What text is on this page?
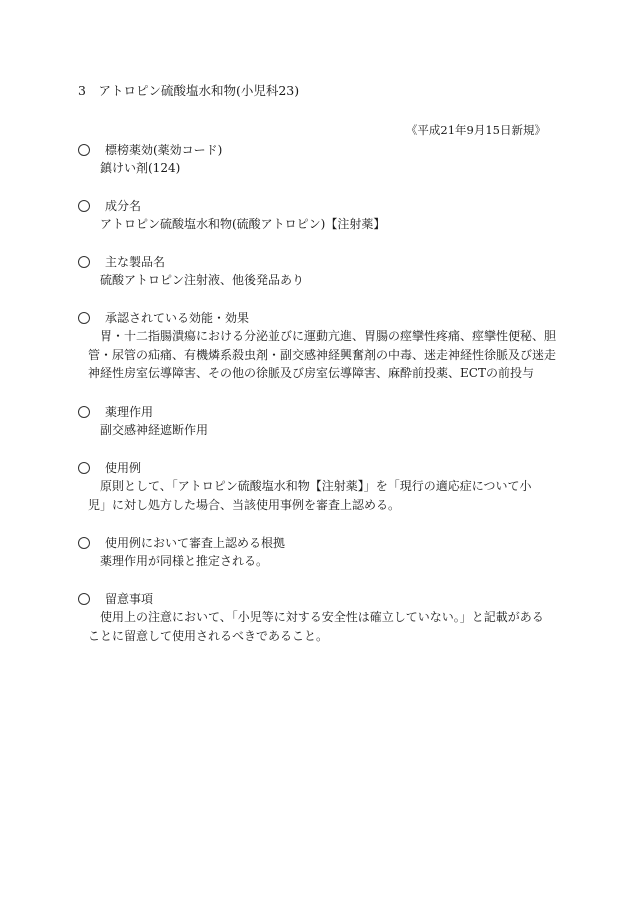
3　アトロピン硫酸塩水和物(小児科23)
《平成21年9月15日新規》
標榜薬効(薬効コード)
鎮けい剤(124)
成分名
アトロピン硫酸塩水和物(硫酸アトロピン)【注射薬】
主な製品名
硫酸アトロピン注射液、他後発品あり
承認されている効能・効果
胃・十二指腸潰瘍における分泌並びに運動亢進、胃腸の痙攣性疼痛、痙攣性便秘、胆
管・尿管の疝痛、有機燐系殺虫剤・副交感神経興奮剤の中毒、迷走神経性徐脈及び迷走
神経性房室伝導障害、その他の徐脈及び房室伝導障害、麻酔前投薬、ECTの前投与
薬理作用
副交感神経遮断作用
使用例
原則として、「アトロピン硫酸塩水和物【注射薬】」を「現行の適応症について小
児」に対し処方した場合、当該使用事例を審査上認める。
使用例において審査上認める根拠
薬理作用が同様と推定される。
留意事項
使用上の注意において、「小児等に対する安全性は確立していない。」と記載がある
ことに留意して使用されるべきであること。
